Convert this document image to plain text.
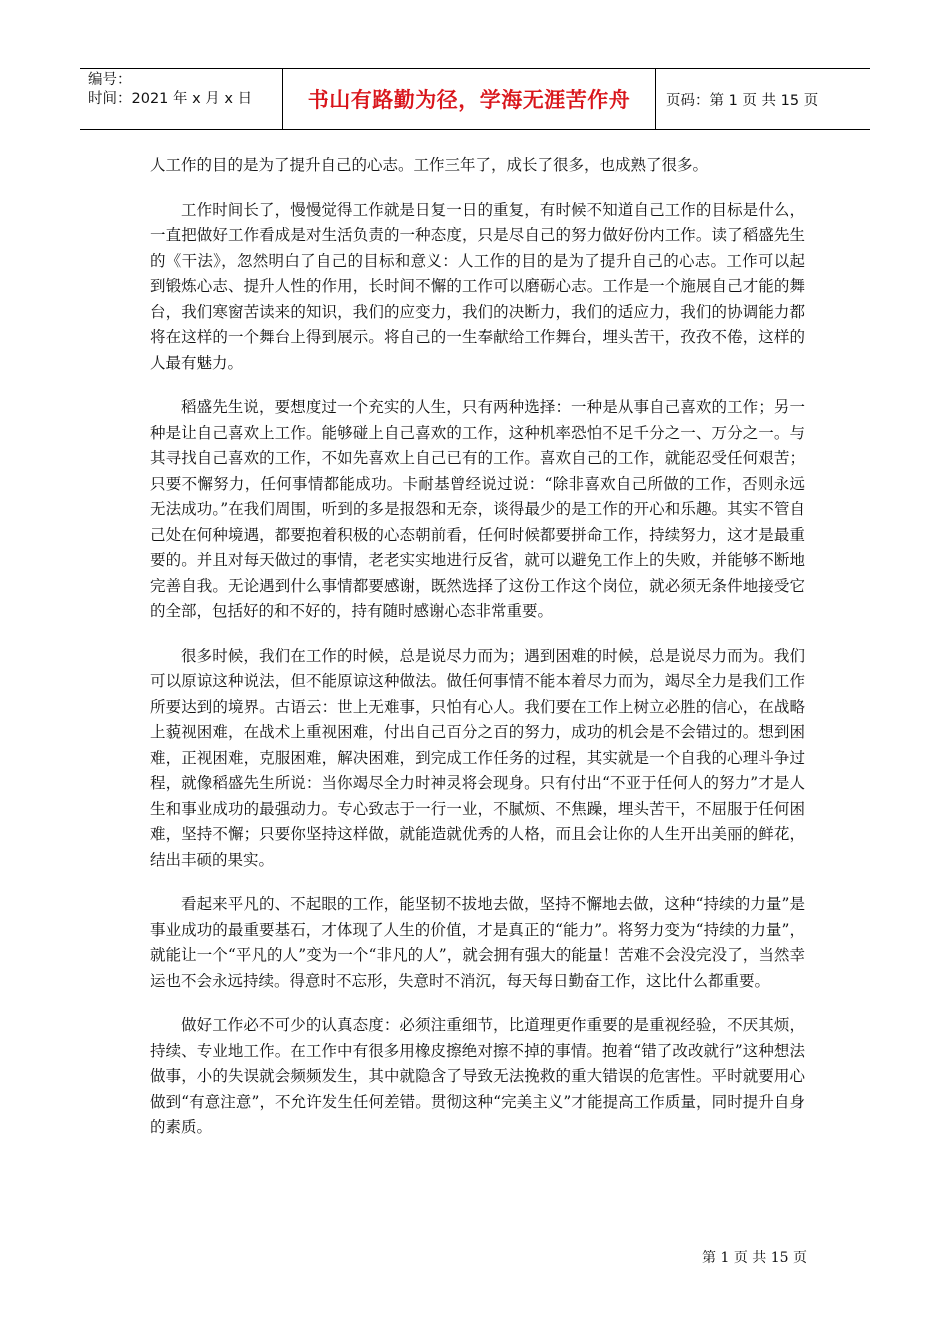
编号：
时间：2021 年 x 月 x 日	书山有路勤为径，学海无涯苦作舟	页码：第 1 页 共 15 页

人工作的目的是为了提升自己的心志。工作三年了，成长了很多，也成熟了很多。

工作时间长了，慢慢觉得工作就是日复一日的重复，有时候不知道自己工作的目标是什么，一直把做好工作看成是对生活负责的一种态度，只是尽自己的努力做好份内工作。读了稻盛先生的《干法》，忽然明白了自己的目标和意义：人工作的目的是为了提升自己的心志。工作可以起到锻炼心志、提升人性的作用，长时间不懈的工作可以磨砺心志。工作是一个施展自己才能的舞台，我们寒窗苦读来的知识，我们的应变力，我们的决断力，我们的适应力，我们的协调能力都将在这样的一个舞台上得到展示。将自己的一生奉献给工作舞台，埋头苦干，孜孜不倦，这样的人最有魅力。

稻盛先生说，要想度过一个充实的人生，只有两种选择：一种是从事自己喜欢的工作；另一种是让自己喜欢上工作。能够碰上自己喜欢的工作，这种机率恐怕不足千分之一、万分之一。与其寻找自己喜欢的工作，不如先喜欢上自己已有的工作。喜欢自己的工作，就能忍受任何艰苦；只要不懈努力，任何事情都能成功。卡耐基曾经说过说：“除非喜欢自己所做的工作，否则永远无法成功。”在我们周围，听到的多是报怨和无奈，谈得最少的是工作的开心和乐趣。其实不管自己处在何种境遇，都要抱着积极的心态朝前看，任何时候都要拼命工作，持续努力，这才是最重要的。并且对每天做过的事情，老老实实地进行反省，就可以避免工作上的失败，并能够不断地完善自我。无论遇到什么事情都要感谢，既然选择了这份工作这个岗位，就必须无条件地接受它的全部，包括好的和不好的，持有随时感谢心态非常重要。

很多时候，我们在工作的时候，总是说尽力而为；遇到困难的时候，总是说尽力而为。我们可以原谅这种说法，但不能原谅这种做法。做任何事情不能本着尽力而为，竭尽全力是我们工作所要达到的境界。古语云：世上无难事，只怕有心人。我们要在工作上树立必胜的信心，在战略上藐视困难，在战术上重视困难，付出自己百分之百的努力，成功的机会是不会错过的。想到困难，正视困难，克服困难，解决困难，到完成工作任务的过程，其实就是一个自我的心理斗争过程，就像稻盛先生所说：当你竭尽全力时神灵将会现身。只有付出“不亚于任何人的努力”才是人生和事业成功的最强动力。专心致志于一行一业，不腻烦、不焦躁，埋头苦干，不屈服于任何困难，坚持不懈；只要你坚持这样做，就能造就优秀的人格，而且会让你的人生开出美丽的鲜花，结出丰硕的果实。

看起来平凡的、不起眼的工作，能坚韧不拔地去做，坚持不懈地去做，这种“持续的力量”是事业成功的最重要基石，才体现了人生的价值，才是真正的“能力”。将努力变为“持续的力量”，就能让一个“平凡的人”变为一个“非凡的人”，就会拥有强大的能量！苦难不会没完没了，当然幸运也不会永远持续。得意时不忘形，失意时不消沉，每天每日勤奋工作，这比什么都重要。

做好工作必不可少的认真态度：必须注重细节，比道理更作重要的是重视经验，不厌其烦，持续、专业地工作。在工作中有很多用橡皮擦绝对擦不掉的事情。抱着“错了改改就行”这种想法做事，小的失误就会频频发生，其中就隐含了导致无法挽救的重大错误的危害性。平时就要用心做到“有意注意”，不允许发生任何差错。贯彻这种“完美主义”才能提高工作质量，同时提升自身的素质。

第 1 页 共 15 页
